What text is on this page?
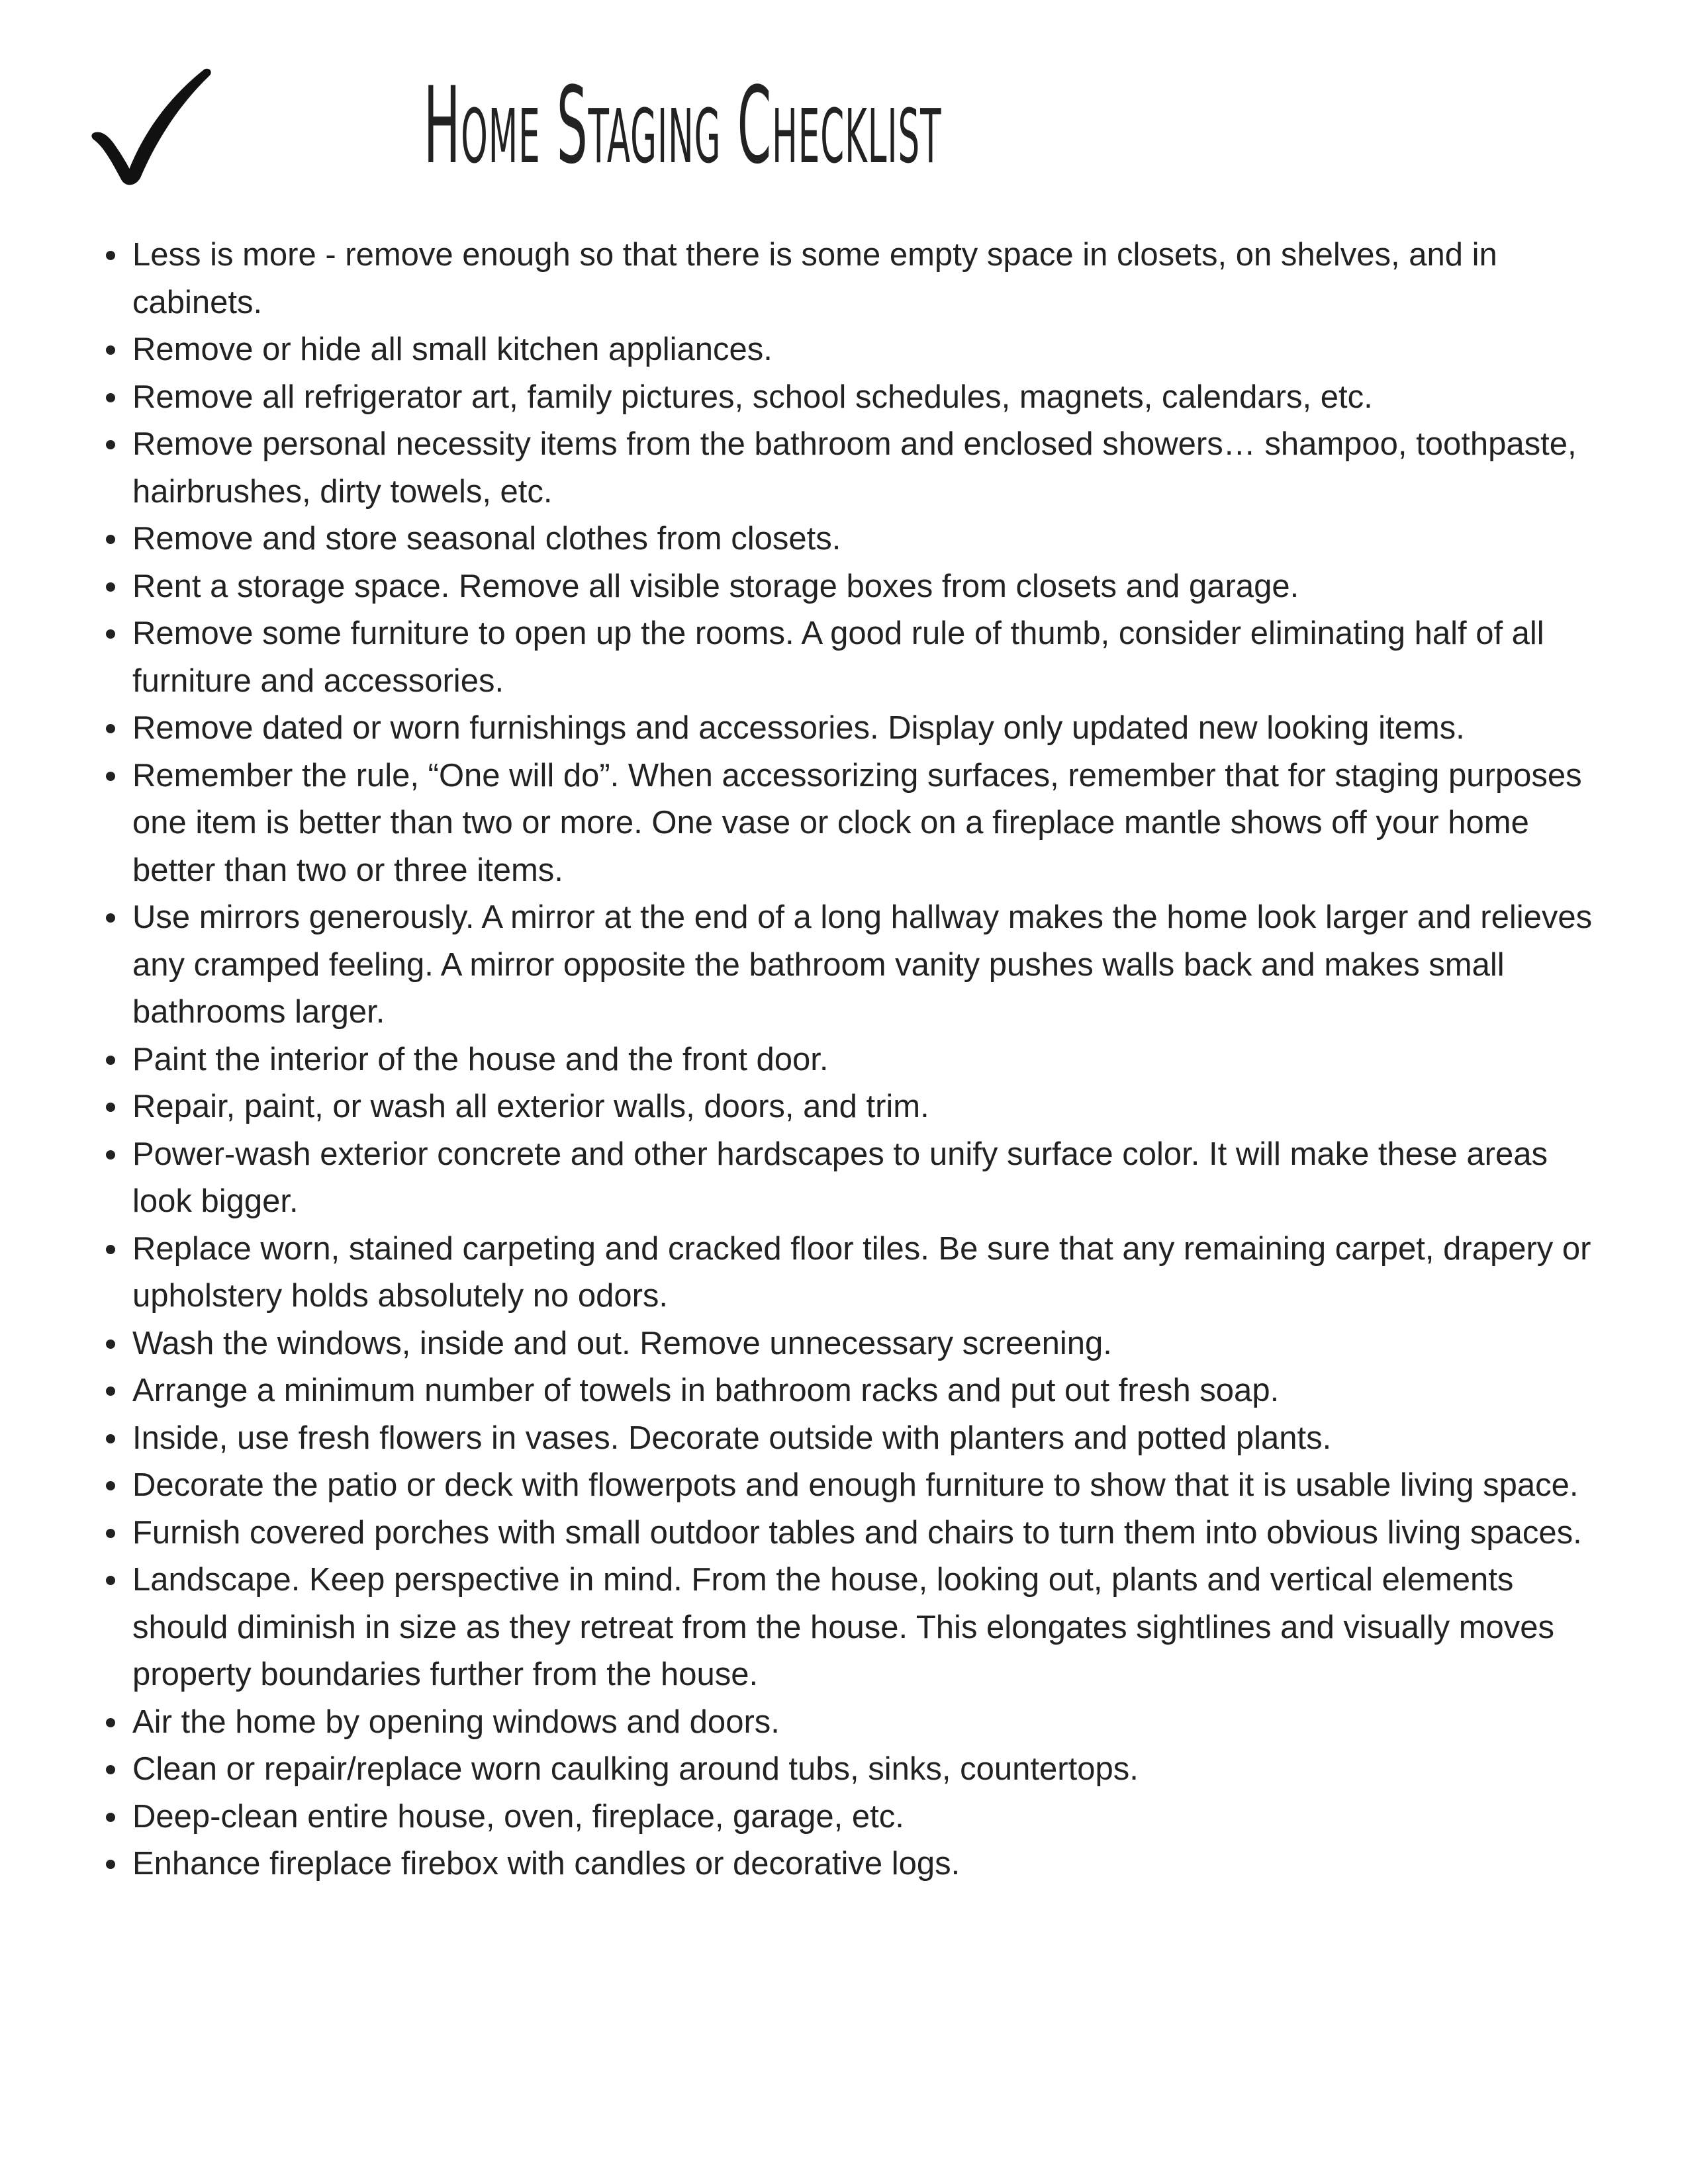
Home Staging Checklist
Less is more - remove enough so that there is some empty space in closets, on shelves, and in cabinets.
Remove or hide all small kitchen appliances.
Remove all refrigerator art, family pictures, school schedules, magnets, calendars, etc.
Remove personal necessity items from the bathroom and enclosed showers… shampoo, toothpaste, hairbrushes, dirty towels, etc.
Remove and store seasonal clothes from closets.
Rent a storage space. Remove all visible storage boxes from closets and garage.
Remove some furniture to open up the rooms. A good rule of thumb, consider eliminating half of all furniture and accessories.
Remove dated or worn furnishings and accessories. Display only updated new looking items.
Remember the rule, “One will do”. When accessorizing surfaces, remember that for staging purposes one item is better than two or more. One vase or clock on a fireplace mantle shows off your home better than two or three items.
Use mirrors generously. A mirror at the end of a long hallway makes the home look larger and relieves any cramped feeling. A mirror opposite the bathroom vanity pushes walls back and makes small bathrooms larger.
Paint the interior of the house and the front door.
Repair, paint, or wash all exterior walls, doors, and trim.
Power-wash exterior concrete and other hardscapes to unify surface color. It will make these areas look bigger.
Replace worn, stained carpeting and cracked floor tiles. Be sure that any remaining carpet, drapery or upholstery holds absolutely no odors.
Wash the windows, inside and out. Remove unnecessary screening.
Arrange a minimum number of towels in bathroom racks and put out fresh soap.
Inside, use fresh flowers in vases. Decorate outside with planters and potted plants.
Decorate the patio or deck with flowerpots and enough furniture to show that it is usable living space.
Furnish covered porches with small outdoor tables and chairs to turn them into obvious living spaces.
Landscape. Keep perspective in mind. From the house, looking out, plants and vertical elements should diminish in size as they retreat from the house. This elongates sightlines and visually moves property boundaries further from the house.
Air the home by opening windows and doors.
Clean or repair/replace worn caulking around tubs, sinks, countertops.
Deep-clean entire house, oven, fireplace, garage, etc.
Enhance fireplace firebox with candles or decorative logs.
